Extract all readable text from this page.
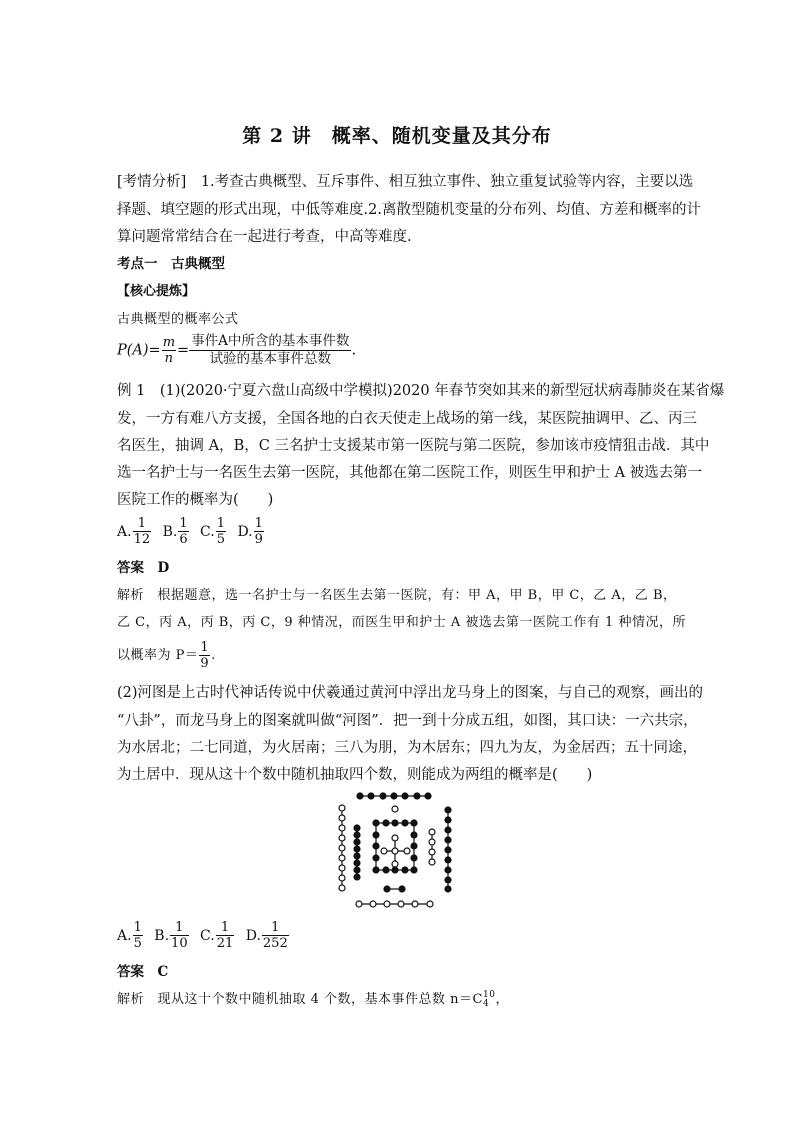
第 2 讲　概率、随机变量及其分布
[考情分析]　1.考查古典概型、互斥事件、相互独立事件、独立重复试验等内容，主要以选
择题、填空题的形式出现，中低等难度.2.离散型随机变量的分布列、均值、方差和概率的计
算问题常常结合在一起进行考查，中高等难度.
考点一　古典概型
【核心提炼】
古典概型的概率公式
$P(A)= \frac{m}{n} = \frac{\text{事件A中所含的基本事件数}}{\text{试验的基本事件总数}}$ .
例 1　(1)(2020·宁夏六盘山高级中学模拟)2020 年春节突如其来的新型冠状病毒肺炎在某省爆
发，一方有难八方支援，全国各地的白衣天使走上战场的第一线，某医院抽调甲、乙、丙三
名医生，抽调 A，B，C 三名护士支援某市第一医院与第二医院，参加该市疫情狙击战．其中
选一名护士与一名医生去第一医院，其他都在第二医院工作，则医生甲和护士 A 被选去第一
医院工作的概率为(　　)
A. $\frac{1}{12} B$. $\frac{1}{6} C$. $\frac{1}{5} D$. $\frac{1}{9}$
答案　D
解析　根据题意，选一名护士与一名医生去第一医院，有：甲 A，甲 B，甲 C，乙 A，乙 B，
乙 C，丙 A，丙 B，丙 C，9 种情况，而医生甲和护士 A 被选去第一医院工作有 1 种情况，所
以概率为 $P= \frac{1}{9}$ .
(2)河图是上古时代神话传说中伏羲通过黄河中浮出龙马身上的图案，与自己的观察，画出的
“八卦”，而龙马身上的图案就叫做“河图”．把一到十分成五组，如图，其口诀：一六共宗，
为水居北；二七同道，为火居南；三八为朋，为木居东；四九为友，为金居西；五十同途，
为土居中．现从这十个数中随机抽取四个数，则能成为两组的概率是(　　)
A. $\frac{1}{5} B$. $\frac{1}{10} C$. $\frac{1}{21} D$. $\frac{1}{252}$
答案　C
解析　现从这十个数中随机抽取 4 个数，基本事件总数 n＝C 10
4 ，
